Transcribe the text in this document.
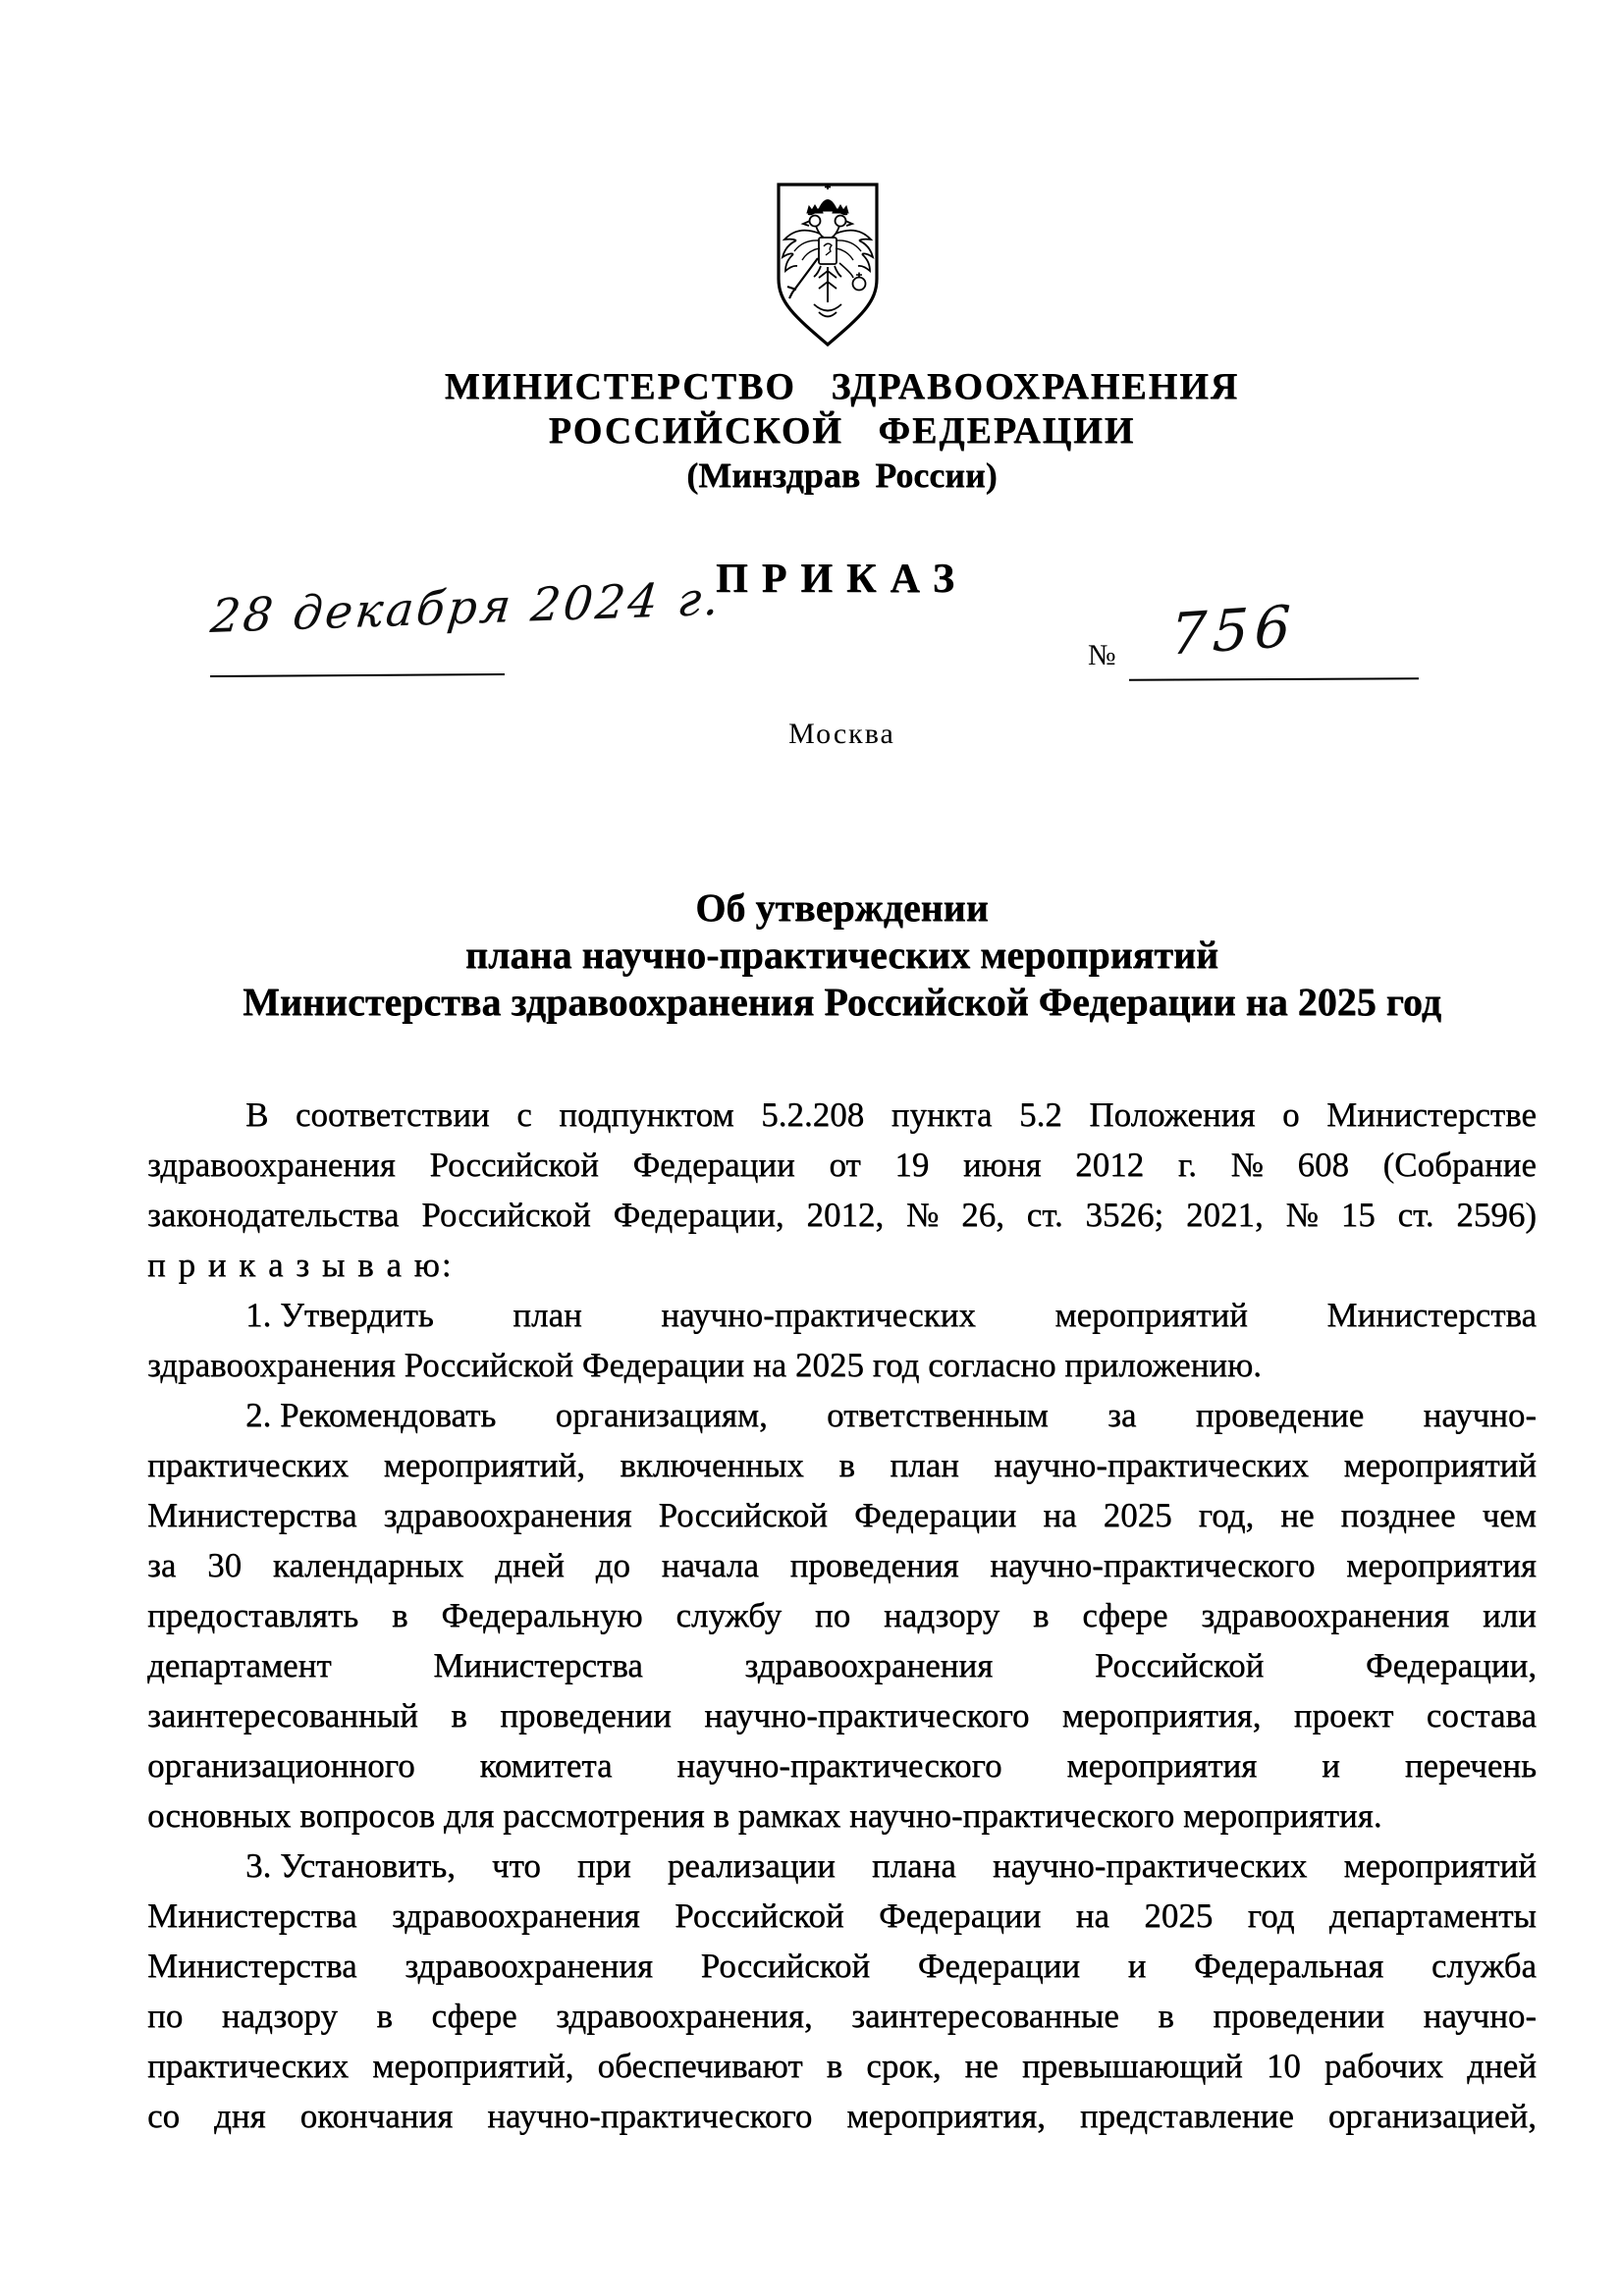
МИНИСТЕРСТВО ЗДРАВООХРАНЕНИЯ
РОССИЙСКОЙ ФЕДЕРАЦИИ
(Минздрав России)
ПРИКАЗ
28 декабря 2024 г.
№ 756
Москва
Об утверждении
плана научно-практических мероприятий
Министерства здравоохранения Российской Федерации на 2025 год
В соответствии с подпунктом 5.2.208 пункта 5.2 Положения о Министерстве
здравоохранения Российской Федерации от 19 июня 2012 г. № 608 (Собрание
законодательства Российской Федерации, 2012, № 26, ст. 3526; 2021, № 15 ст. 2596)
п р и к а з ы в а ю:
1. Утвердить план научно-практических мероприятий Министерства
здравоохранения Российской Федерации на 2025 год согласно приложению.
2. Рекомендовать организациям, ответственным за проведение научно-
практических мероприятий, включенных в план научно-практических мероприятий
Министерства здравоохранения Российской Федерации на 2025 год, не позднее чем
за 30 календарных дней до начала проведения научно-практического мероприятия
предоставлять в Федеральную службу по надзору в сфере здравоохранения или
департамент	Министерства	здравоохранения	Российской	Федерации,
заинтересованный в проведении научно-практического мероприятия, проект состава
организационного комитета научно-практического мероприятия и перечень
основных вопросов для рассмотрения в рамках научно-практического мероприятия.
3. Установить, что при реализации плана научно-практических мероприятий
Министерства здравоохранения Российской Федерации на 2025 год департаменты
Министерства здравоохранения Российской Федерации и Федеральная служба
по надзору в сфере здравоохранения, заинтересованные в проведении научно-
практических мероприятий, обеспечивают в срок, не превышающий 10 рабочих дней
со дня окончания научно-практического мероприятия, представление организацией,
